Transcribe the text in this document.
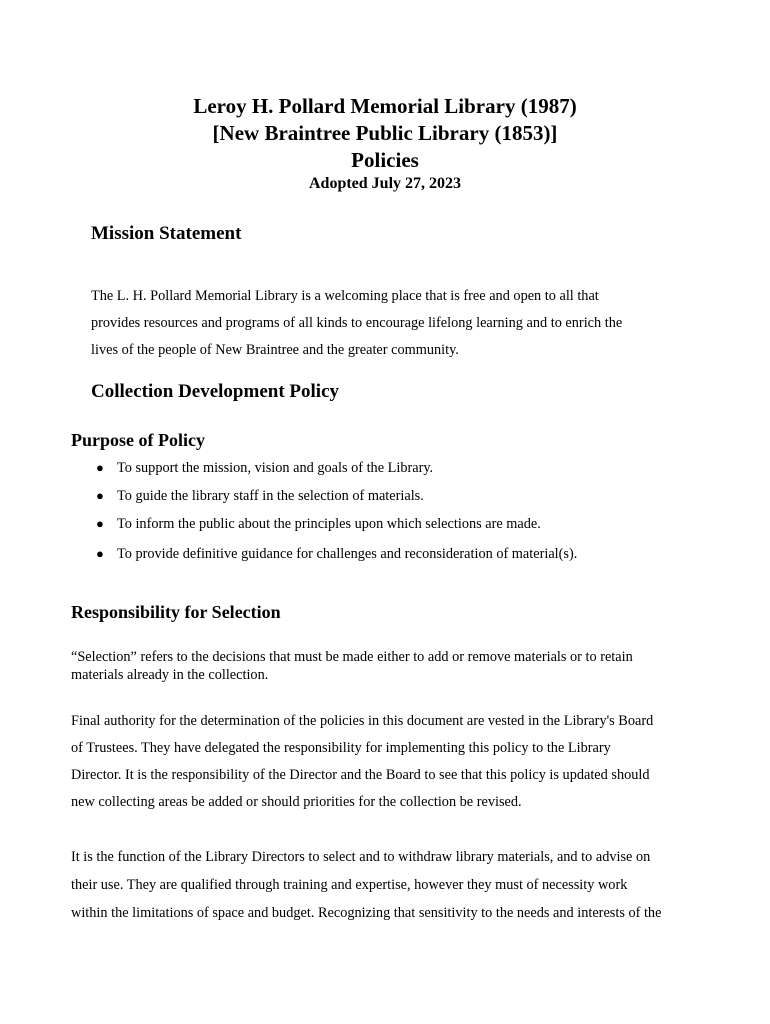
Leroy H. Pollard Memorial Library (1987)
[New Braintree Public Library (1853)]
Policies
Adopted July 27, 2023
Mission Statement
The L. H. Pollard Memorial Library is a welcoming place that is free and open to all that
provides resources and programs of all kinds to encourage lifelong learning and to enrich the
lives of the people of New Braintree and the greater community.
Collection Development Policy
Purpose of Policy
● To support the mission, vision and goals of the Library.
● To guide the library staff in the selection of materials.
● To inform the public about the principles upon which selections are made.
● To provide definitive guidance for challenges and reconsideration of material(s).
Responsibility for Selection
“Selection” refers to the decisions that must be made either to add or remove materials or to retain
materials already in the collection.
Final authority for the determination of the policies in this document are vested in the Library's Board
of Trustees. They have delegated the responsibility for implementing this policy to the Library
Director. It is the responsibility of the Director and the Board to see that this policy is updated should
new collecting areas be added or should priorities for the collection be revised.
It is the function of the Library Directors to select and to withdraw library materials, and to advise on
their use. They are qualified through training and expertise, however they must of necessity work
within the limitations of space and budget. Recognizing that sensitivity to the needs and interests of the
